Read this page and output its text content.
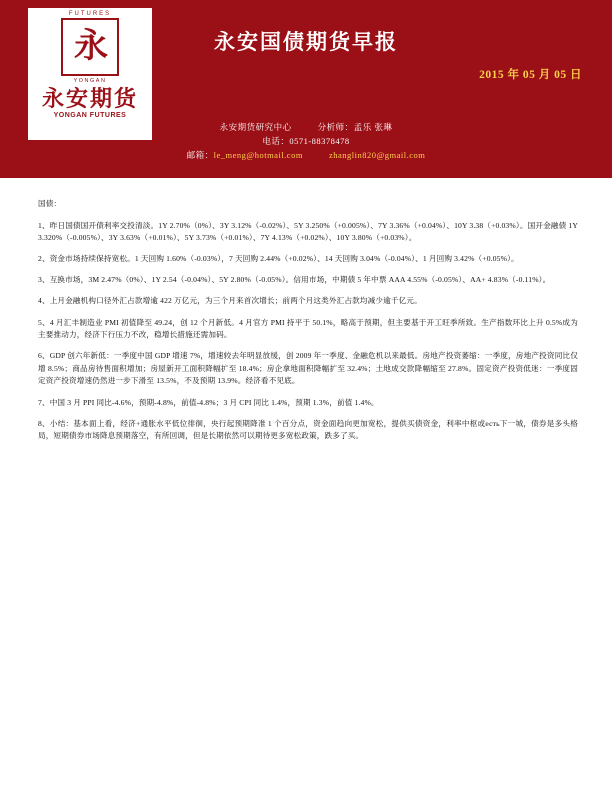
FUTURES
永
YONGAN
永安期货
YONGAN FUTURES
永安国债期货早报
2015 年 05 月 05 日
永安期货研究中心	分析师：孟乐 张琳
电话：0571-88378478
邮箱：le_meng@hotmail.com	zhanglin820@gmail.com

国债：

1、昨日国债国开债利率交投清淡。1Y 2.70%（0%）、3Y 3.12%（-0.02%）、5Y 3.250%（+0.005%）、7Y 3.36%（+0.04%）、10Y 3.38（+0.03%）。国开金融债 1Y 3.320%（-0.005%）、3Y 3.63%（+0.01%）、5Y 3.73%（+0.01%）、7Y 4.13%（+0.02%）、10Y 3.80%（+0.03%）。

2、资金市场持续保持宽松。1 天回购 1.60%（-0.03%），7 天回购 2.44%（+0.02%）、14 天回购 3.04%（-0.04%）、1 月回购 3.42%（+0.05%）。

3、互换市场，3M 2.47%（0%）、1Y 2.54（-0.04%）、5Y 2.80%（-0.05%）。信用市场，中期债 5 年中票 AAA 4.55%（-0.05%）、AA+ 4.83%（-0.11%）。

4、上月金融机构口径外汇占款增逾 422 万亿元，为三个月来首次增长；前两个月这类外汇占款均减少逾千亿元。

5、4 月汇丰制造业 PMI 初值降至 49.24，创 12 个月新低。4 月官方 PMI 持平于 50.1%，略高于预期，但主要基于开工旺季所致。生产指数环比上升 0.5%成为主要推动力，经济下行压力不改，稳增长措施还需加码。

6、GDP 创六年新低：一季度中国 GDP 增速 7%，增速较去年明显放缓，创 2009 年一季度、金融危机以来最低。房地产投资萎缩：一季度，房地产投资同比仅增 8.5%；商品房待售面积增加；房屋新开工面积降幅扩至 18.4%；房企拿地面积降幅扩至 32.4%；土地成交款降幅缩至 27.8%。固定资产投资低迷：一季度固定资产投资增速仍然进一步下滑至 13.5%，不及预期 13.9%。经济看不见底。

7、中国 3 月 PPI 同比-4.6%，预期-4.8%，前值-4.8%；3 月 CPI 同比 1.4%，预期 1.3%，前值 1.4%。

8、小结：基本面上看，经济+通胀水平低位徘徊，央行起预期降准 1 个百分点，资金面趋向更加宽松，提供买债资金，利率中枢或есть下一城，债券是多头格局，短期债券市场降息预期落空，有所回调，但是长期依然可以期待更多宽松政策，跌多了买。
